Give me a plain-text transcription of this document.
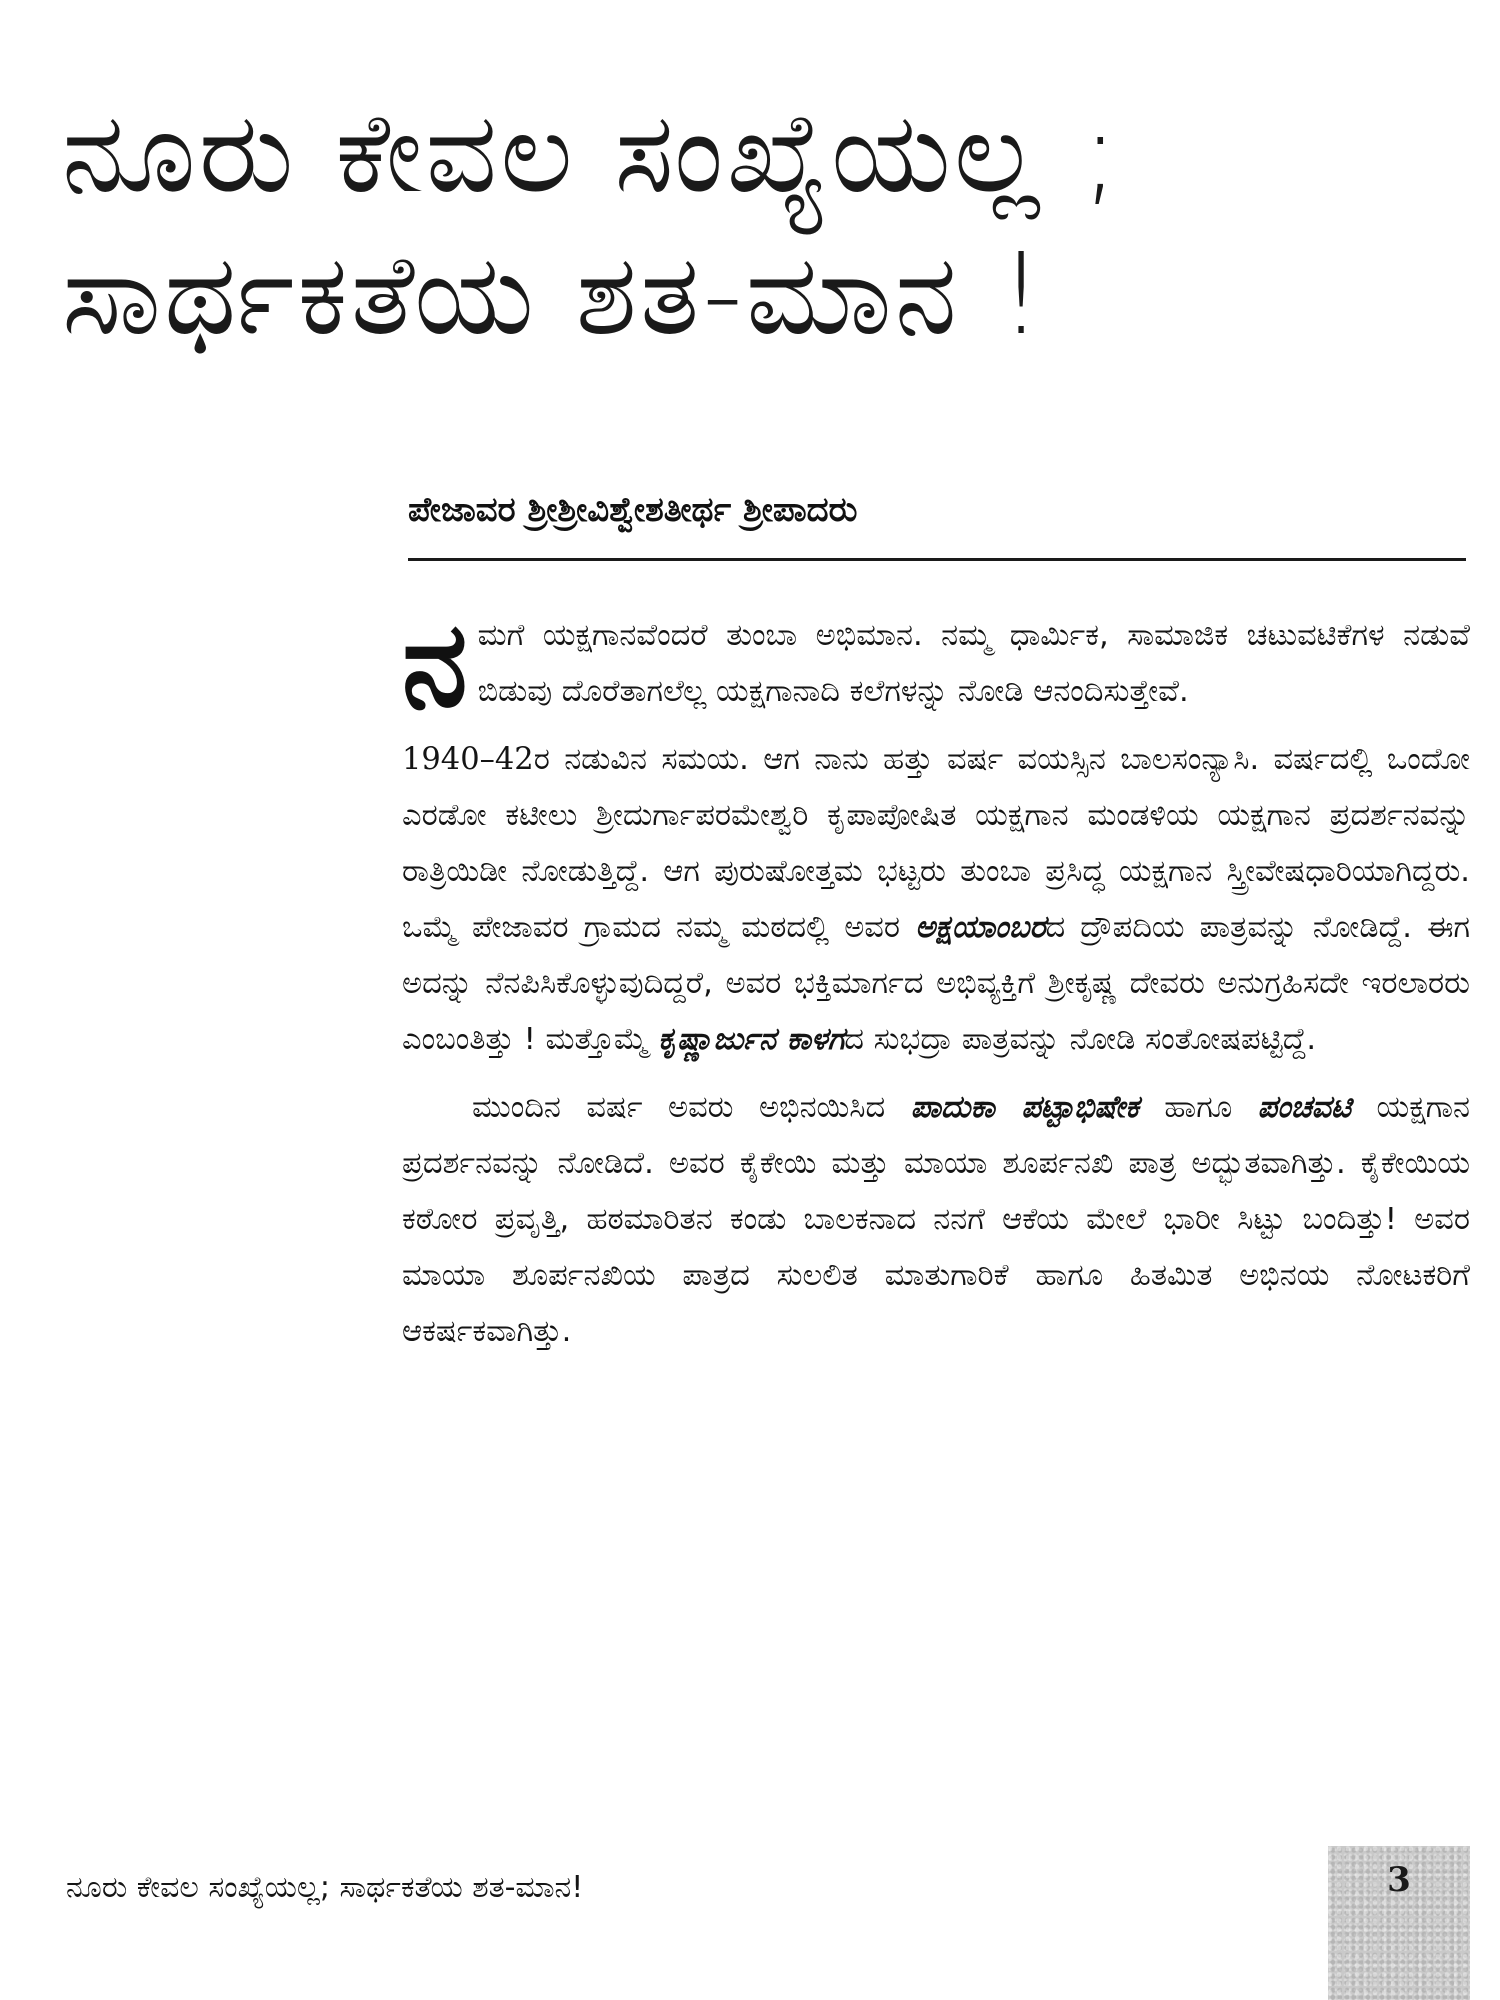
ನೂರು ಕೇವಲ ಸಂಖ್ಯೆಯಲ್ಲ ;
ಸಾರ್ಥಕತೆಯ ಶತ-ಮಾನ !
ಪೇಜಾವರ ಶ್ರೀಶ್ರೀವಿಶ್ವೇಶತೀರ್ಥ ಶ್ರೀಪಾದರು

ನಮಗೆ ಯಕ್ಷಗಾನವೆಂದರೆ ತುಂಬಾ ಅಭಿಮಾನ. ನಮ್ಮ ಧಾರ್ಮಿಕ, ಸಾಮಾಜಿಕ ಚಟುವಟಿಕೆಗಳ ನಡುವೆ ಬಿಡುವು ದೊರೆತಾಗಲೆಲ್ಲ ಯಕ್ಷಗಾನಾದಿ ಕಲೆಗಳನ್ನು ನೋಡಿ ಆನಂದಿಸುತ್ತೇವೆ.

1940–42ರ ನಡುವಿನ ಸಮಯ. ಆಗ ನಾನು ಹತ್ತು ವರ್ಷ ವಯಸ್ಸಿನ ಬಾಲಸಂನ್ಯಾಸಿ. ವರ್ಷದಲ್ಲಿ ಒಂದೋ ಎರಡೋ ಕಟೀಲು ಶ್ರೀದುರ್ಗಾಪರಮೇಶ್ವರಿ ಕೃಪಾಪೋಷಿತ ಯಕ್ಷಗಾನ ಮಂಡಳಿಯ ಯಕ್ಷಗಾನ ಪ್ರದರ್ಶನವನ್ನು ರಾತ್ರಿಯಿಡೀ ನೋಡುತ್ತಿದ್ದೆ. ಆಗ ಪುರುಷೋತ್ತಮ ಭಟ್ಟರು ತುಂಬಾ ಪ್ರಸಿದ್ಧ ಯಕ್ಷಗಾನ ಸ್ತ್ರೀವೇಷಧಾರಿಯಾಗಿದ್ದರು. ಒಮ್ಮೆ ಪೇಜಾವರ ಗ್ರಾಮದ ನಮ್ಮ ಮಠದಲ್ಲಿ ಅವರ ಅಕ್ಷಯಾಂಬರದ ದ್ರೌಪದಿಯ ಪಾತ್ರವನ್ನು ನೋಡಿದ್ದೆ. ಈಗ ಅದನ್ನು ನೆನಪಿಸಿಕೊಳ್ಳುವುದಿದ್ದರೆ, ಅವರ ಭಕ್ತಿಮಾರ್ಗದ ಅಭಿವ್ಯಕ್ತಿಗೆ ಶ್ರೀಕೃಷ್ಣ ದೇವರು ಅನುಗ್ರಹಿಸದೇ ಇರಲಾರರು ಎಂಬಂತಿತ್ತು ! ಮತ್ತೊಮ್ಮೆ ಕೃಷ್ಣಾರ್ಜುನ ಕಾಳಗದ ಸುಭದ್ರಾ ಪಾತ್ರವನ್ನು ನೋಡಿ ಸಂತೋಷಪಟ್ಟಿದ್ದೆ.

ಮುಂದಿನ ವರ್ಷ ಅವರು ಅಭಿನಯಿಸಿದ ಪಾದುಕಾ ಪಟ್ಟಾಭಿಷೇಕ ಹಾಗೂ ಪಂಚವಟಿ ಯಕ್ಷಗಾನ ಪ್ರದರ್ಶನವನ್ನು ನೋಡಿದೆ. ಅವರ ಕೈಕೇಯಿ ಮತ್ತು ಮಾಯಾ ಶೂರ್ಪನಖಿ ಪಾತ್ರ ಅದ್ಭುತವಾಗಿತ್ತು. ಕೈಕೇಯಿಯ ಕಠೋರ ಪ್ರವೃತ್ತಿ, ಹಠಮಾರಿತನ ಕಂಡು ಬಾಲಕನಾದ ನನಗೆ ಆಕೆಯ ಮೇಲೆ ಭಾರೀ ಸಿಟ್ಟು ಬಂದಿತ್ತು! ಅವರ ಮಾಯಾ ಶೂರ್ಪನಖಿಯ ಪಾತ್ರದ ಸುಲಲಿತ ಮಾತುಗಾರಿಕೆ ಹಾಗೂ ಹಿತಮಿತ ಅಭಿನಯ ನೋಟಕರಿಗೆ ಆಕರ್ಷಕವಾಗಿತ್ತು.

ನೂರು ಕೇವಲ ಸಂಖ್ಯೆಯಲ್ಲ; ಸಾರ್ಥಕತೆಯ ಶತ-ಮಾನ!	3
